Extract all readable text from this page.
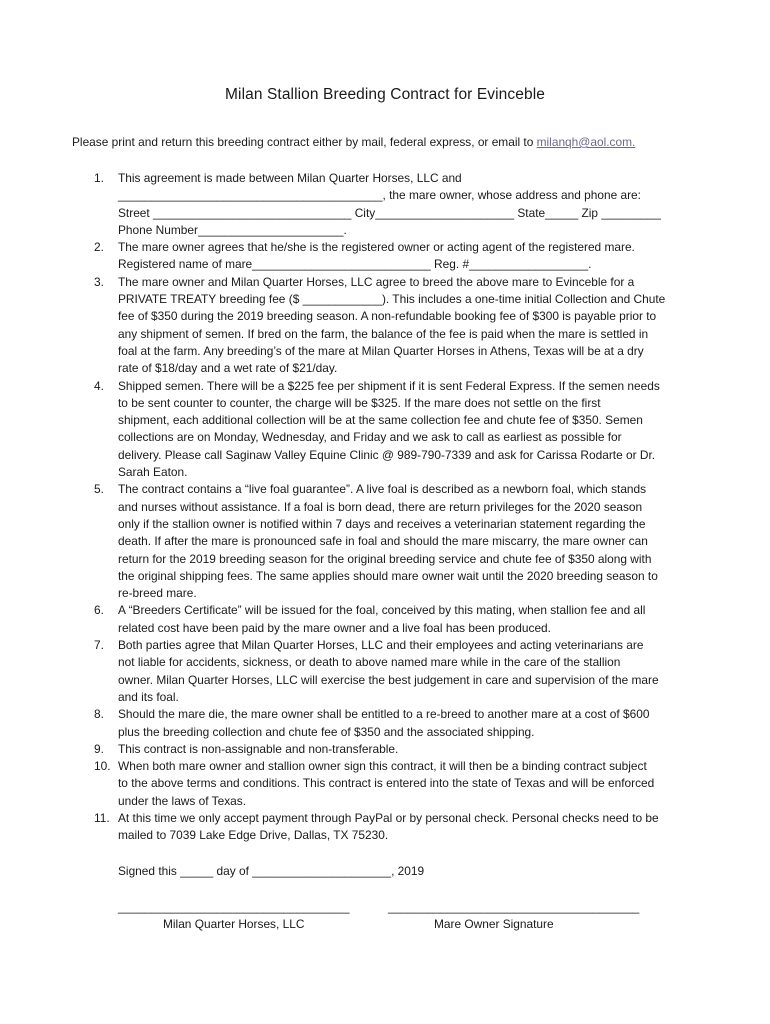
Milan Stallion Breeding Contract for Evinceble
Please print and return this breeding contract either by mail, federal express, or email to milanqh@aol.com.
1.	This agreement is made between Milan Quarter Horses, LLC and
________________________________________, the mare owner, whose address and phone are:
Street ______________________________ City_____________________ State_____ Zip _________
Phone Number______________________.
2.	The mare owner agrees that he/she is the registered owner or acting agent of the registered mare.
Registered name of mare___________________________ Reg. #__________________.
3.	The mare owner and Milan Quarter Horses, LLC agree to breed the above mare to Evinceble for a
PRIVATE TREATY breeding fee ($ ____________). This includes a one-time initial Collection and Chute
fee of $350 during the 2019 breeding season. A non-refundable booking fee of $300 is payable prior to
any shipment of semen. If bred on the farm, the balance of the fee is paid when the mare is settled in
foal at the farm. Any breeding’s of the mare at Milan Quarter Horses in Athens, Texas will be at a dry
rate of $18/day and a wet rate of $21/day.
4.	Shipped semen. There will be a $225 fee per shipment if it is sent Federal Express. If the semen needs
to be sent counter to counter, the charge will be $325. If the mare does not settle on the first
shipment, each additional collection will be at the same collection fee and chute fee of $350. Semen
collections are on Monday, Wednesday, and Friday and we ask to call as earliest as possible for
delivery. Please call Saginaw Valley Equine Clinic @ 989-790-7339 and ask for Carissa Rodarte or Dr.
Sarah Eaton.
5.	The contract contains a “live foal guarantee”. A live foal is described as a newborn foal, which stands
and nurses without assistance. If a foal is born dead, there are return privileges for the 2020 season
only if the stallion owner is notified within 7 days and receives a veterinarian statement regarding the
death. If after the mare is pronounced safe in foal and should the mare miscarry, the mare owner can
return for the 2019 breeding season for the original breeding service and chute fee of $350 along with
the original shipping fees. The same applies should mare owner wait until the 2020 breeding season to
re-breed mare.
6.	A “Breeders Certificate” will be issued for the foal, conceived by this mating, when stallion fee and all
related cost have been paid by the mare owner and a live foal has been produced.
7.	Both parties agree that Milan Quarter Horses, LLC and their employees and acting veterinarians are
not liable for accidents, sickness, or death to above named mare while in the care of the stallion
owner. Milan Quarter Horses, LLC will exercise the best judgement in care and supervision of the mare
and its foal.
8.	Should the mare die, the mare owner shall be entitled to a re-breed to another mare at a cost of $600
plus the breeding collection and chute fee of $350 and the associated shipping.
9.	This contract is non-assignable and non-transferable.
10. When both mare owner and stallion owner sign this contract, it will then be a binding contract subject
to the above terms and conditions. This contract is entered into the state of Texas and will be enforced
under the laws of Texas.
11. At this time we only accept payment through PayPal or by personal check. Personal checks need to be
mailed to 7039 Lake Edge Drive, Dallas, TX 75230.
Signed this _____ day of _____________________, 2019
___________________________________	______________________________________
Milan Quarter Horses, LLC	Mare Owner Signature
